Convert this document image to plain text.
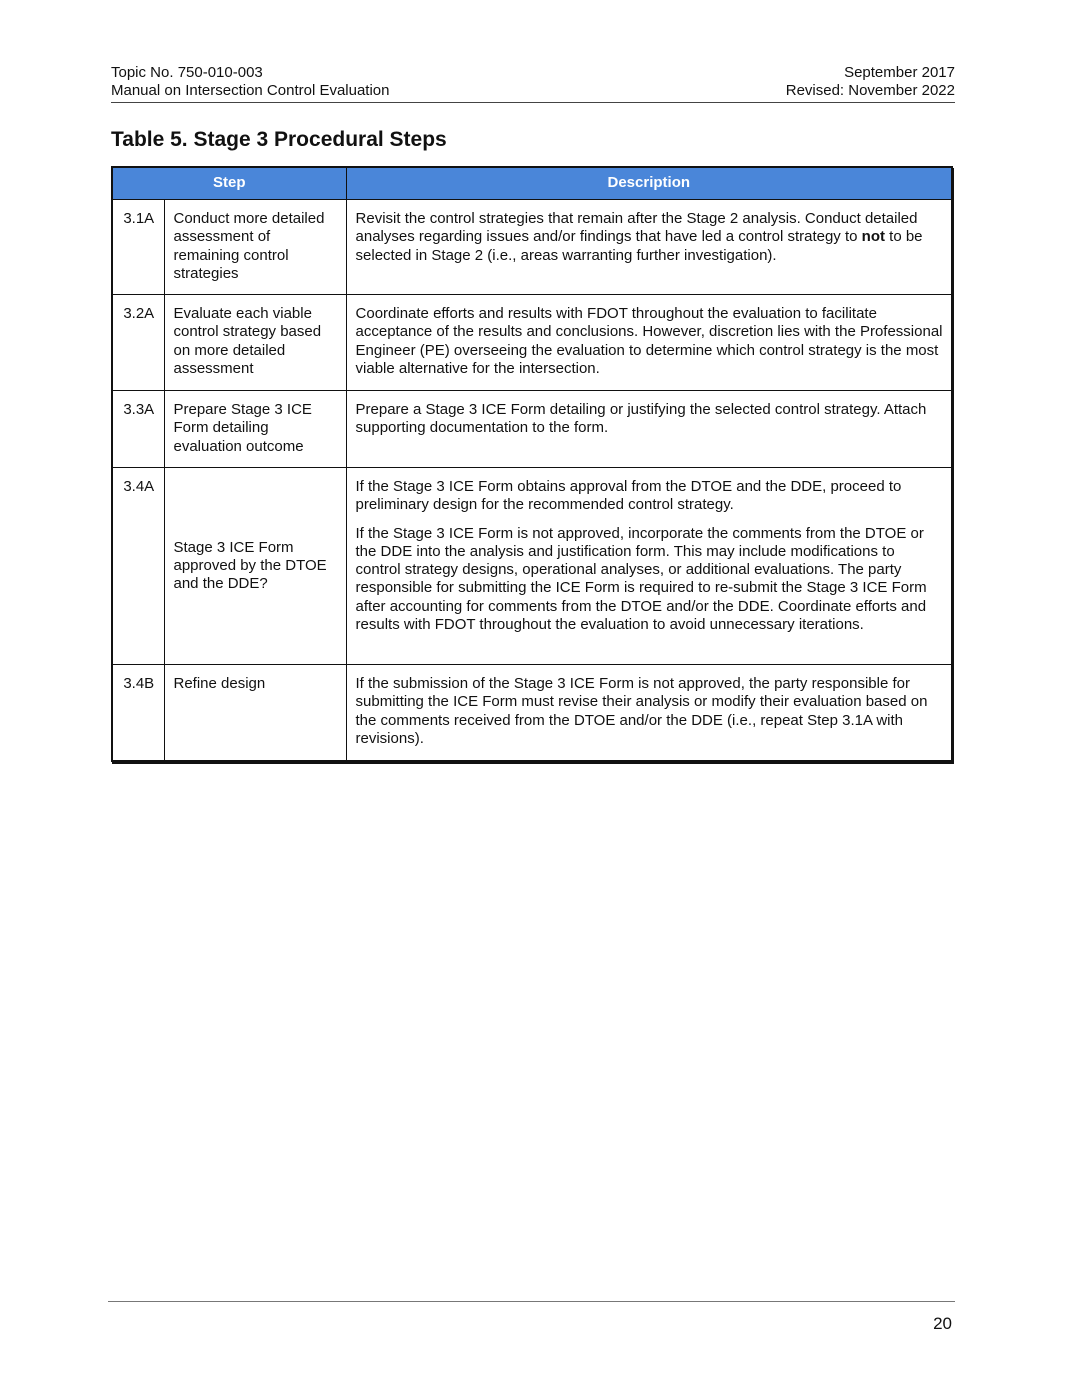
Topic No. 750-010-003
Manual on Intersection Control Evaluation
September 2017
Revised: November 2022
Table 5. Stage 3 Procedural Steps
Step		Description
3.1A	Conduct more detailed assessment of remaining control strategies	Revisit the control strategies that remain after the Stage 2 analysis. Conduct detailed analyses regarding issues and/or findings that have led a control strategy to not to be selected in Stage 2 (i.e., areas warranting further investigation).
3.2A	Evaluate each viable control strategy based on more detailed assessment	Coordinate efforts and results with FDOT throughout the evaluation to facilitate acceptance of the results and conclusions. However, discretion lies with the Professional Engineer (PE) overseeing the evaluation to determine which control strategy is the most viable alternative for the intersection.
3.3A	Prepare Stage 3 ICE Form detailing evaluation outcome	Prepare a Stage 3 ICE Form detailing or justifying the selected control strategy. Attach supporting documentation to the form.
3.4A	Stage 3 ICE Form approved by the DTOE and the DDE?	If the Stage 3 ICE Form obtains approval from the DTOE and the DDE, proceed to preliminary design for the recommended control strategy.

If the Stage 3 ICE Form is not approved, incorporate the comments from the DTOE or the DDE into the analysis and justification form. This may include modifications to control strategy designs, operational analyses, or additional evaluations. The party responsible for submitting the ICE Form is required to re-submit the Stage 3 ICE Form after accounting for comments from the DTOE and/or the DDE. Coordinate efforts and results with FDOT throughout the evaluation to avoid unnecessary iterations.

3.4B	Refine design	If the submission of the Stage 3 ICE Form is not approved, the party responsible for submitting the ICE Form must revise their analysis or modify their evaluation based on the comments received from the DTOE and/or the DDE (i.e., repeat Step 3.1A with revisions).
20
